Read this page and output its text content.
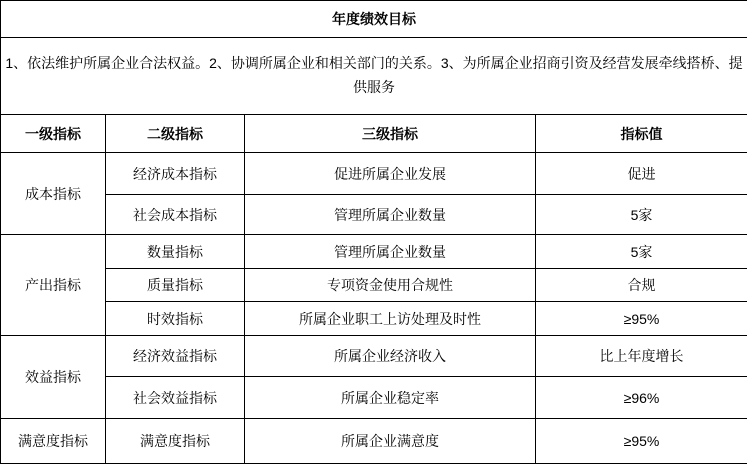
年度绩效目标			
1、依法维护所属企业合法权益。2、协调所属企业和相关部门的关系。3、为所属企业招商引资及经营发展牵线搭桥、提供服务			
一级指标	二级指标	三级指标	指标值
成本指标	经济成本指标	促进所属企业发展	促进
	社会成本指标	管理所属企业数量	5家
产出指标	数量指标	管理所属企业数量	5家
	质量指标	专项资金使用合规性	合规
	时效指标	所属企业职工上访处理及时性	≥95%
效益指标	经济效益指标	所属企业经济收入	比上年度增长
	社会效益指标	所属企业稳定率	≥96%
满意度指标	满意度指标	所属企业满意度	≥95%
